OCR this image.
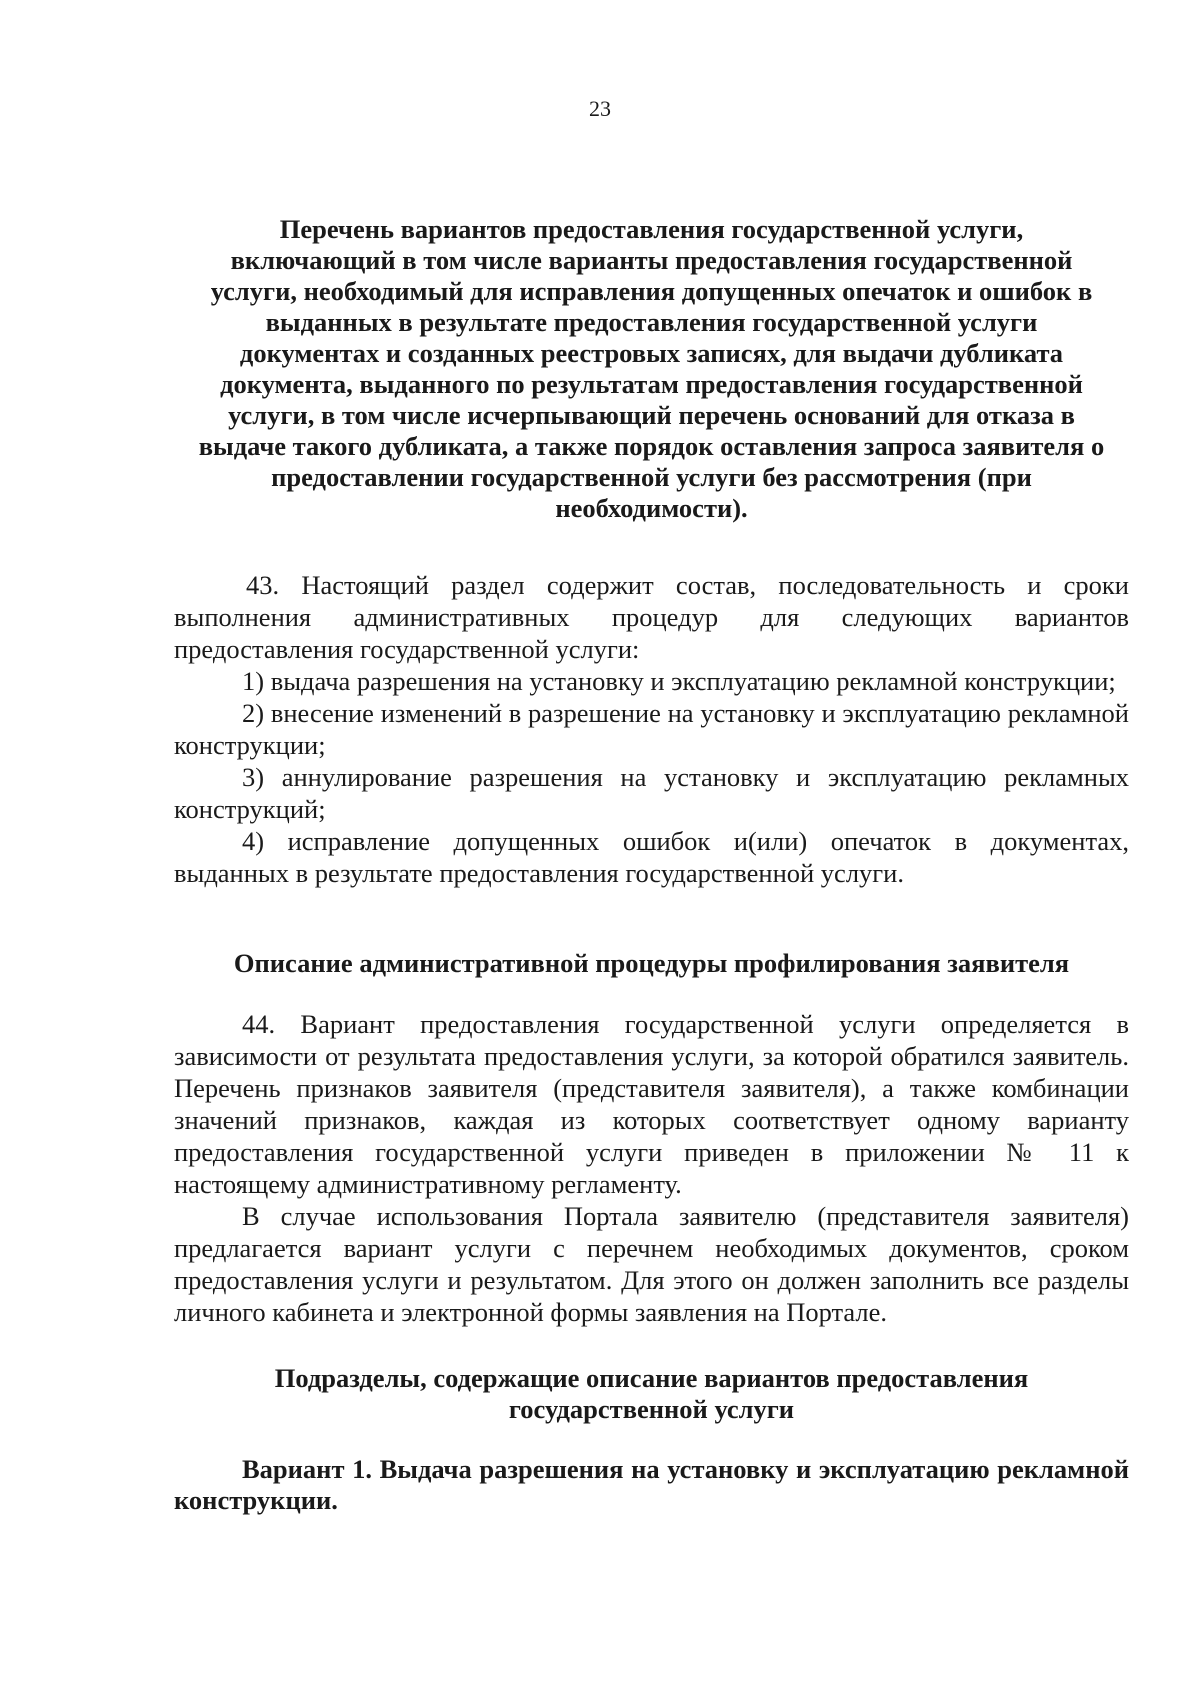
23
Перечень вариантов предоставления государственной услуги,
включающий в том числе варианты предоставления государственной
услуги, необходимый для исправления допущенных опечаток и ошибок в
выданных в результате предоставления государственной услуги
документах и созданных реестровых записях, для выдачи дубликата
документа, выданного по результатам предоставления государственной
услуги, в том числе исчерпывающий перечень оснований для отказа в
выдаче такого дубликата, а также порядок оставления запроса заявителя о
предоставлении государственной услуги без рассмотрения (при
необходимости).

43. Настоящий раздел содержит состав, последовательность и сроки выполнения административных процедур для следующих вариантов предоставления государственной услуги:

1) выдача разрешения на установку и эксплуатацию рекламной конструкции;

2) внесение изменений в разрешение на установку и эксплуатацию рекламной конструкции;

3) аннулирование разрешения на установку и эксплуатацию рекламных конструкций;

4) исправление допущенных ошибок и(или) опечаток в документах, выданных в результате предоставления государственной услуги.

Описание административной процедуры профилирования заявителя

44. Вариант предоставления государственной услуги определяется в зависимости от результата предоставления услуги, за которой обратился заявитель. Перечень признаков заявителя (представителя заявителя), а также комбинации значений признаков, каждая из которых соответствует одному варианту предоставления государственной услуги приведен в приложении № 11 к настоящему административному регламенту.

В случае использования Портала заявителю (представителя заявителя) предлагается вариант услуги с перечнем необходимых документов, сроком предоставления услуги и результатом. Для этого он должен заполнить все разделы личного кабинета и электронной формы заявления на Портале.

Подразделы, содержащие описание вариантов предоставления
государственной услуги
Вариант 1. Выдача разрешения на установку и эксплуатацию рекламной конструкции.
